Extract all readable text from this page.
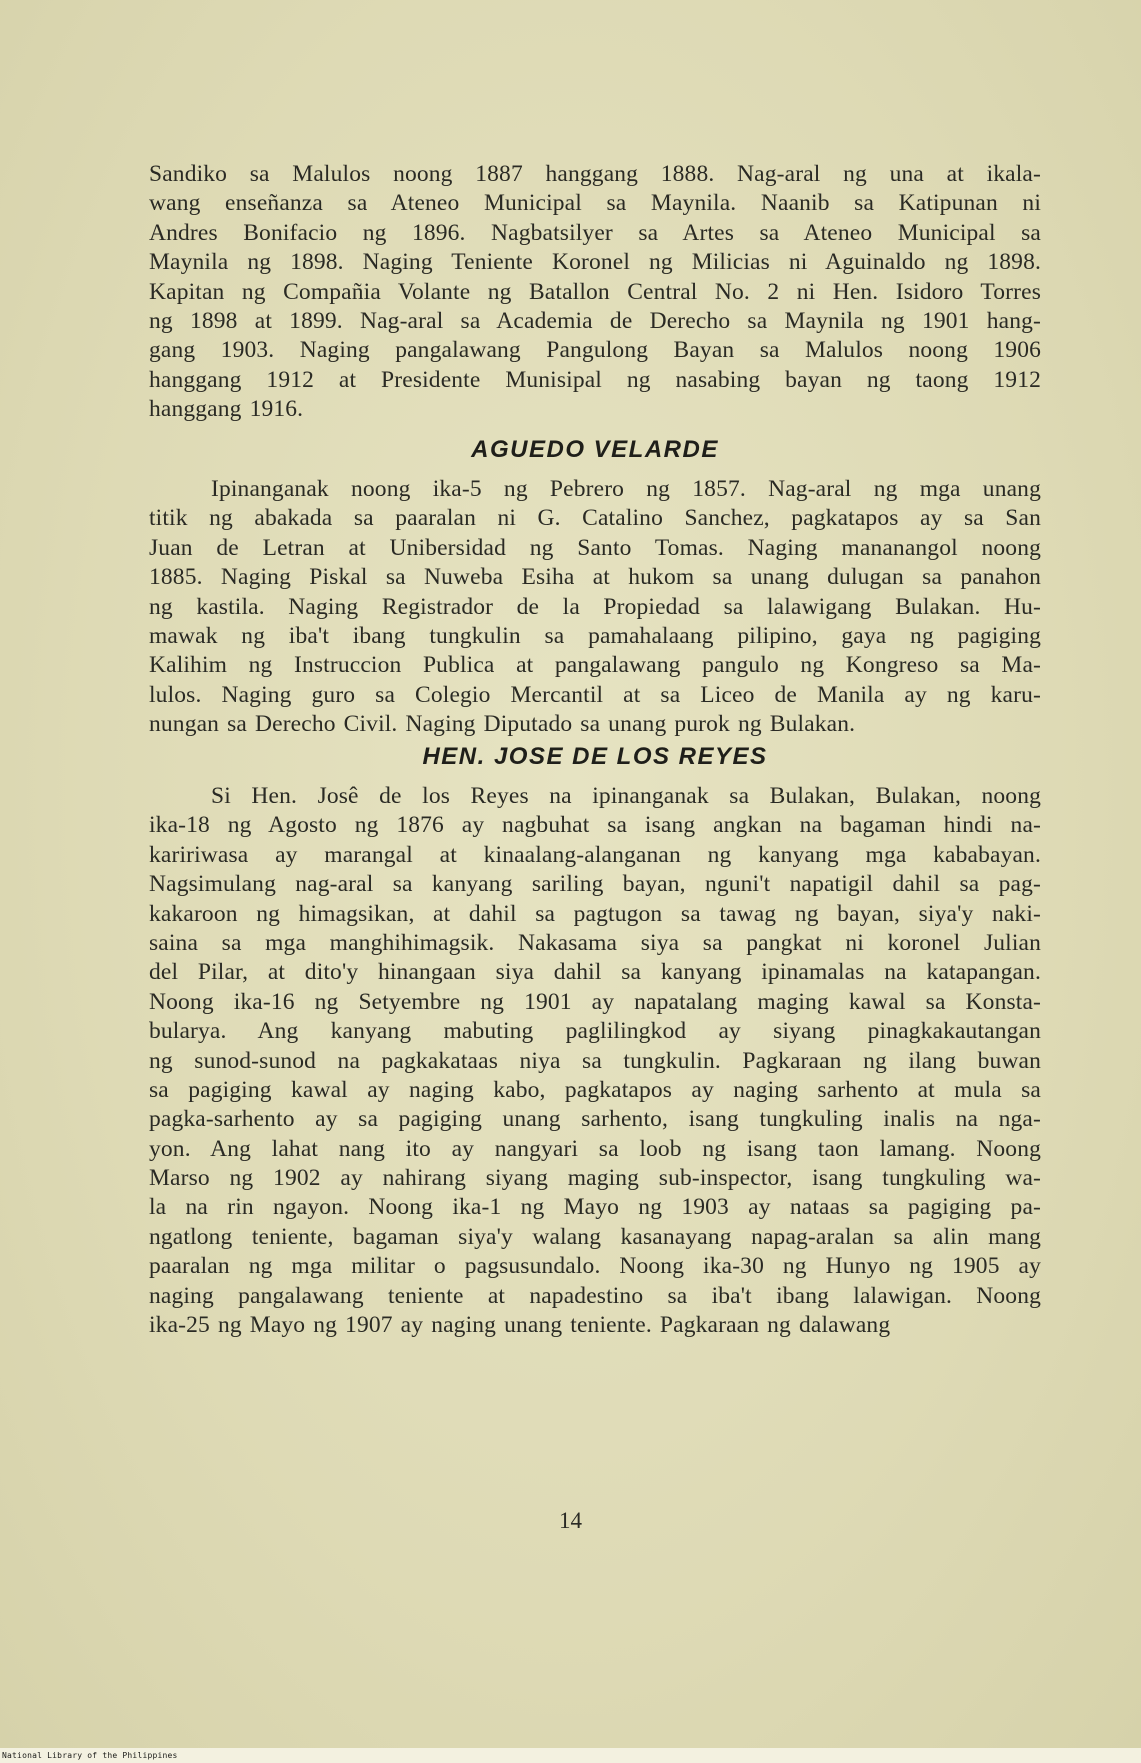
Sandiko sa Malulos noong 1887 hanggang 1888. Nag-aral ng una at ikala-
wang enseñanza sa Ateneo Municipal sa Maynila. Naanib sa Katipunan ni
Andres Bonifacio ng 1896. Nagbatsilyer sa Artes sa Ateneo Municipal sa
Maynila ng 1898. Naging Teniente Koronel ng Milicias ni Aguinaldo ng 1898.
Kapitan ng Compañia Volante ng Batallon Central No. 2 ni Hen. Isidoro Torres
ng 1898 at 1899. Nag-aral sa Academia de Derecho sa Maynila ng 1901 hang-
gang 1903. Naging pangalawang Pangulong Bayan sa Malulos noong 1906
hanggang 1912 at Presidente Munisipal ng nasabing bayan ng taong 1912
hanggang 1916.
AGUEDO VELARDE
Ipinanganak noong ika-5 ng Pebrero ng 1857. Nag-aral ng mga unang
titik ng abakada sa paaralan ni G. Catalino Sanchez, pagkatapos ay sa San
Juan de Letran at Unibersidad ng Santo Tomas. Naging mananangol noong
1885. Naging Piskal sa Nuweba Esiha at hukom sa unang dulugan sa panahon
ng kastila. Naging Registrador de la Propiedad sa lalawigang Bulakan. Hu-
mawak ng iba't ibang tungkulin sa pamahalaang pilipino, gaya ng pagiging
Kalihim ng Instruccion Publica at pangalawang pangulo ng Kongreso sa Ma-
lulos. Naging guro sa Colegio Mercantil at sa Liceo de Manila ay ng karu-
nungan sa Derecho Civil. Naging Diputado sa unang purok ng Bulakan.
HEN. JOSE DE LOS REYES
Si Hen. Josê de los Reyes na ipinanganak sa Bulakan, Bulakan, noong
ika-18 ng Agosto ng 1876 ay nagbuhat sa isang angkan na bagaman hindi na-
kaririwasa ay marangal at kinaalang-alanganan ng kanyang mga kababayan.
Nagsimulang nag-aral sa kanyang sariling bayan, nguni't napatigil dahil sa pag-
kakaroon ng himagsikan, at dahil sa pagtugon sa tawag ng bayan, siya'y naki-
saina sa mga manghihimagsik. Nakasama siya sa pangkat ni koronel Julian
del Pilar, at dito'y hinangaan siya dahil sa kanyang ipinamalas na katapangan.
Noong ika-16 ng Setyembre ng 1901 ay napatalang maging kawal sa Konsta-
bularya. Ang kanyang mabuting paglilingkod ay siyang pinagkakautangan
ng sunod-sunod na pagkakataas niya sa tungkulin. Pagkaraan ng ilang buwan
sa pagiging kawal ay naging kabo, pagkatapos ay naging sarhento at mula sa
pagka-sarhento ay sa pagiging unang sarhento, isang tungkuling inalis na nga-
yon. Ang lahat nang ito ay nangyari sa loob ng isang taon lamang. Noong
Marso ng 1902 ay nahirang siyang maging sub-inspector, isang tungkuling wa-
la na rin ngayon. Noong ika-1 ng Mayo ng 1903 ay nataas sa pagiging pa-
ngatlong teniente, bagaman siya'y walang kasanayang napag-aralan sa alin mang
paaralan ng mga militar o pagsusundalo. Noong ika-30 ng Hunyo ng 1905 ay
naging pangalawang teniente at napadestino sa iba't ibang lalawigan. Noong
ika-25 ng Mayo ng 1907 ay naging unang teniente. Pagkaraan ng dalawang
14
National Library of the Philippines
